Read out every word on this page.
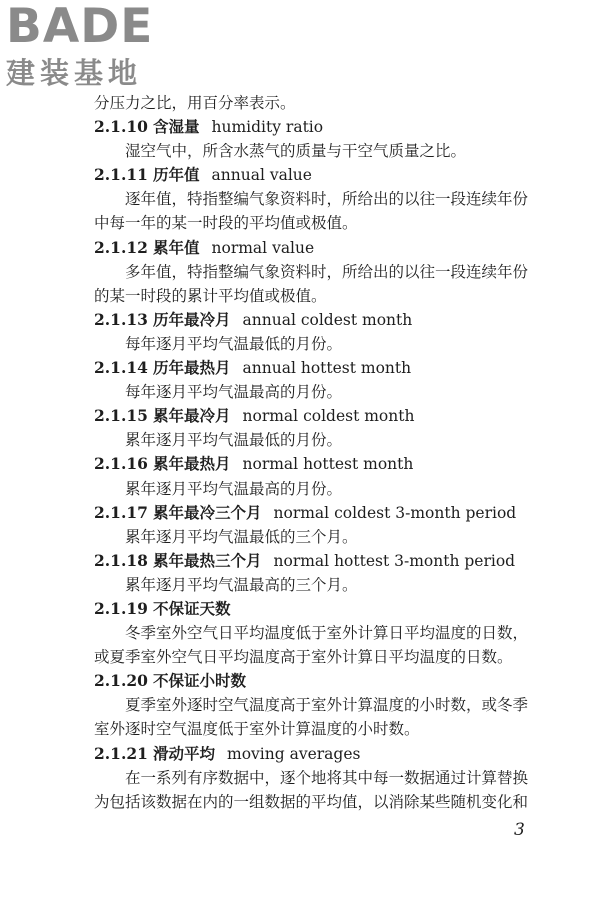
BADE
建装基地
分压力之比，用百分率表示。
2.1.10 含湿量 humidity ratio
湿空气中，所含水蒸气的质量与干空气质量之比。
2.1.11 历年值 annual value
逐年值，特指整编气象资料时，所给出的以往一段连续年份
中每一年的某一时段的平均值或极值。
2.1.12 累年值 normal value
多年值，特指整编气象资料时，所给出的以往一段连续年份
的某一时段的累计平均值或极值。
2.1.13 历年最冷月 annual coldest month
每年逐月平均气温最低的月份。
2.1.14 历年最热月 annual hottest month
每年逐月平均气温最高的月份。
2.1.15 累年最冷月 normal coldest month
累年逐月平均气温最低的月份。
2.1.16 累年最热月 normal hottest month
累年逐月平均气温最高的月份。
2.1.17 累年最冷三个月 normal coldest 3-month period
累年逐月平均气温最低的三个月。
2.1.18 累年最热三个月 normal hottest 3-month period
累年逐月平均气温最高的三个月。
2.1.19 不保证天数
冬季室外空气日平均温度低于室外计算日平均温度的日数，
或夏季室外空气日平均温度高于室外计算日平均温度的日数。
2.1.20 不保证小时数
夏季室外逐时空气温度高于室外计算温度的小时数，或冬季
室外逐时空气温度低于室外计算温度的小时数。
2.1.21 滑动平均 moving averages
在一系列有序数据中，逐个地将其中每一数据通过计算替换
为包括该数据在内的一组数据的平均值，以消除某些随机变化和
3
